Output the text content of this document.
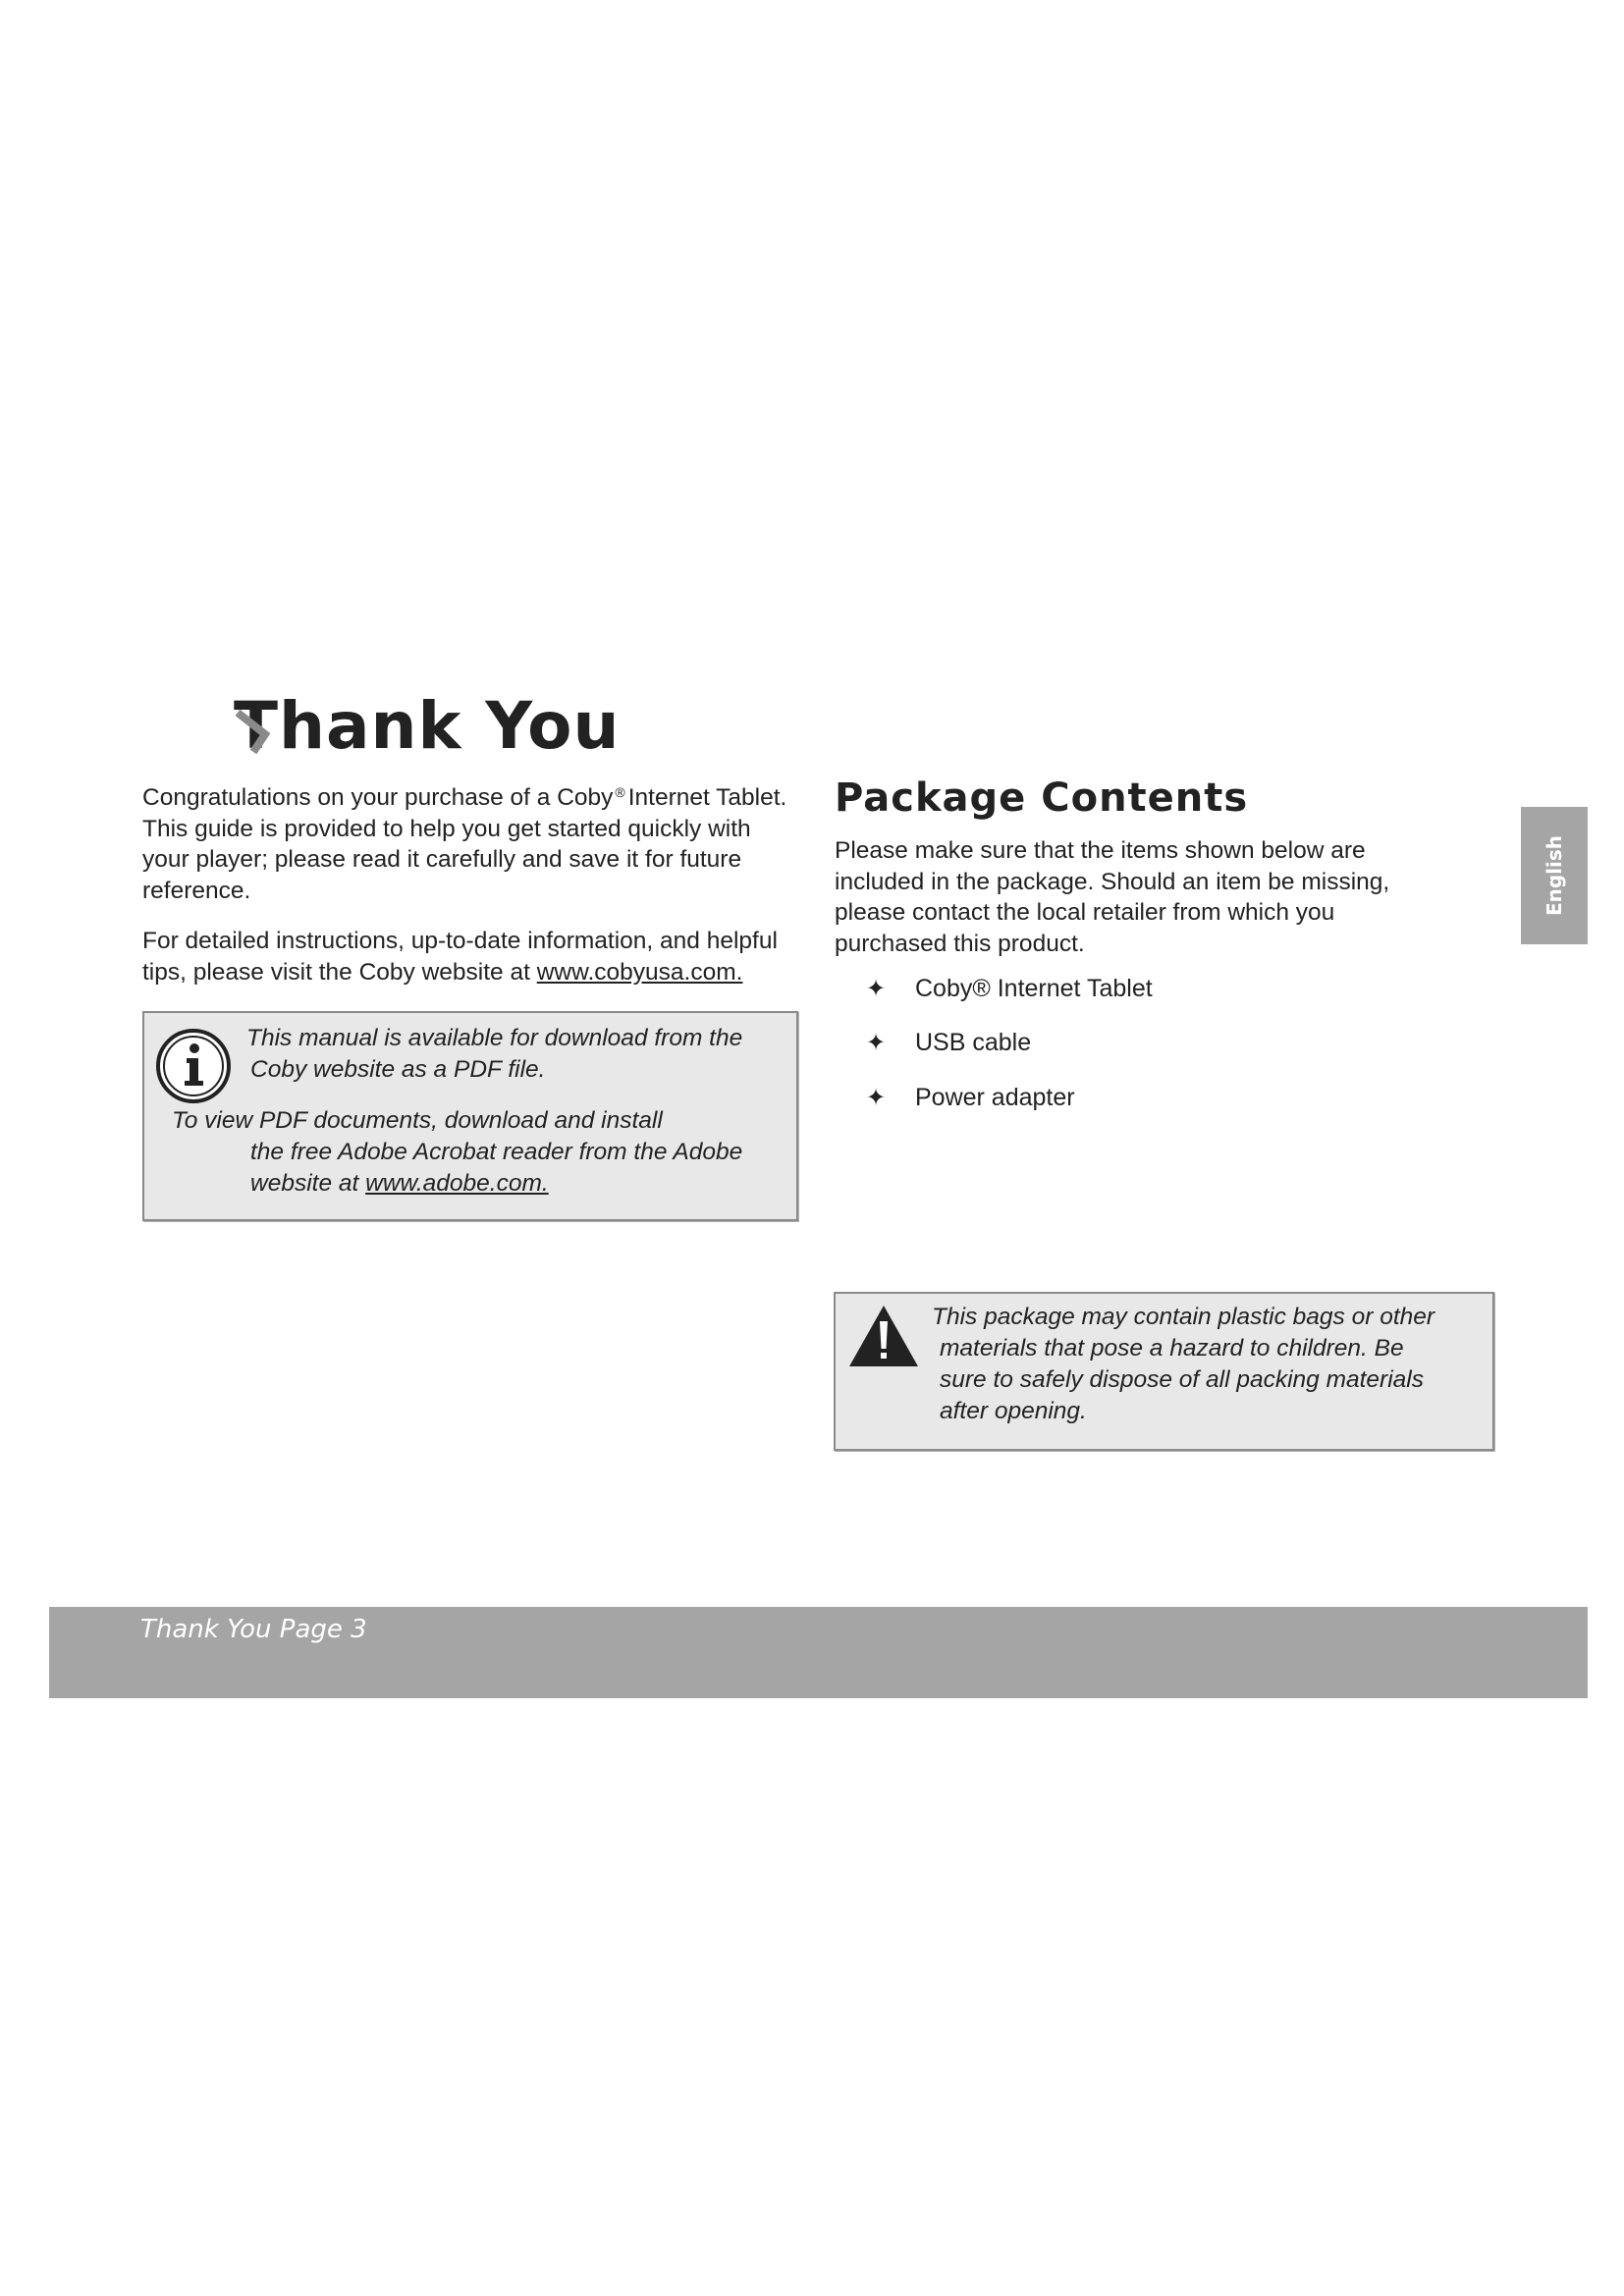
Thank You
Congratulations on your purchase of a Coby ® Internet Tablet. This guide is provided to help you get started quickly with your player; please read it carefully and save it for future reference.
For detailed instructions, up-to-date information, and helpful tips, please visit the Coby website at www.cobyusa.com.

This manual is available for download from the

Coby website as a PDF file.

To view PDF documents, download and install

the free Adobe Acrobat reader from the Adobe

website at www.adobe.com.

Package Contents
Please make sure that the items shown below are included in the package. Should an item be missing, please contact the local retailer from which you purchased this product.
✦	Coby® Internet Tablet
✦	USB cable
✦	Power adapter

This package may contain plastic bags or other

materials that pose a hazard to children. Be

sure to safely dispose of all packing materials

after opening.

English
Thank You Page 3
